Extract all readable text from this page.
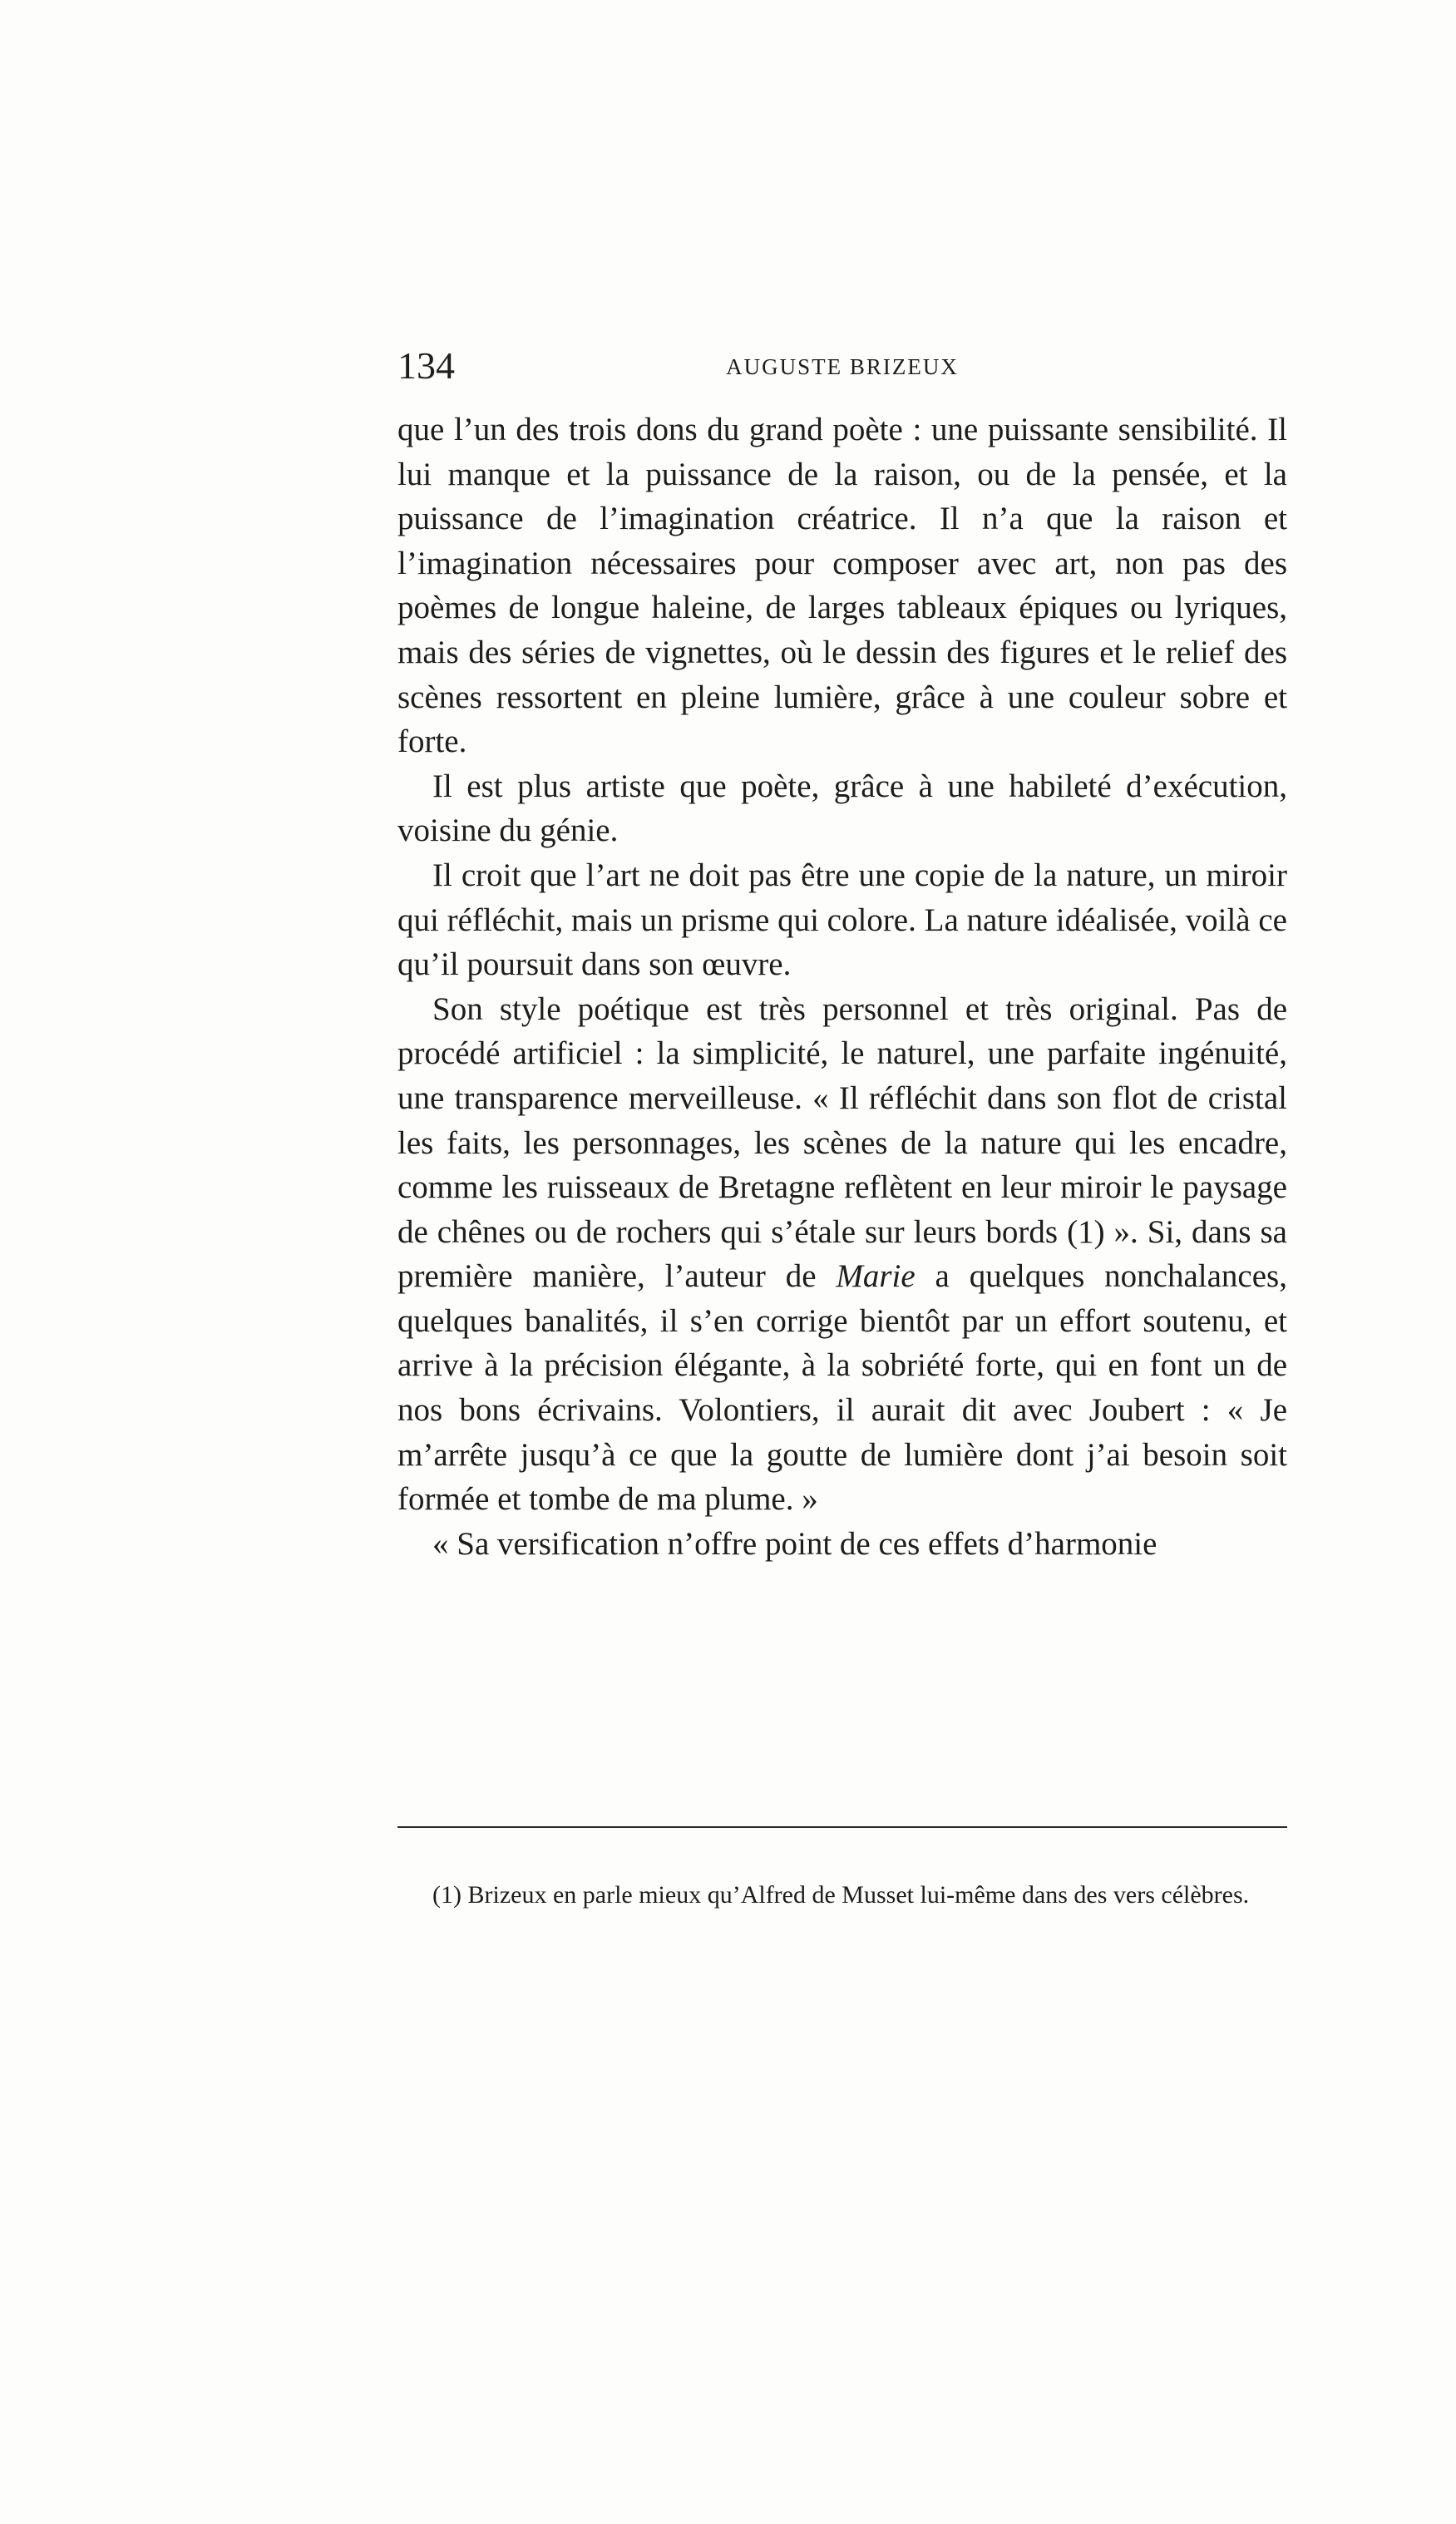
134	AUGUSTE BRIZEUX

que l’un des trois dons du grand poète : une puissante sensibilité. Il lui manque et la puissance de la raison, ou de la pensée, et la puissance de l’imagination créatrice. Il n’a que la raison et l’imagination nécessaires pour composer avec art, non pas des poèmes de longue haleine, de larges tableaux épiques ou lyriques, mais des séries de vignettes, où le dessin des figures et le relief des scènes ressortent en pleine lumière, grâce à une couleur sobre et forte.

Il est plus artiste que poète, grâce à une habileté d’exécution, voisine du génie.

Il croit que l’art ne doit pas être une copie de la nature, un miroir qui réfléchit, mais un prisme qui colore. La nature idéalisée, voilà ce qu’il poursuit dans son œuvre.

Son style poétique est très personnel et très original. Pas de procédé artificiel : la simplicité, le naturel, une parfaite ingénuité, une transparence merveilleuse. « Il réfléchit dans son flot de cristal les faits, les personnages, les scènes de la nature qui les encadre, comme les ruisseaux de Bretagne reflètent en leur miroir le paysage de chênes ou de rochers qui s’étale sur leurs bords (1) ». Si, dans sa première manière, l’auteur de Marie a quelques nonchalances, quelques banalités, il s’en corrige bientôt par un effort soutenu, et arrive à la précision élégante, à la sobriété forte, qui en font un de nos bons écrivains. Volontiers, il aurait dit avec Joubert : « Je m’arrête jusqu’à ce que la goutte de lumière dont j’ai besoin soit formée et tombe de ma plume. »

« Sa versification n’offre point de ces effets d’harmonie

(1) Brizeux en parle mieux qu’Alfred de Musset lui-même dans des vers célèbres.
